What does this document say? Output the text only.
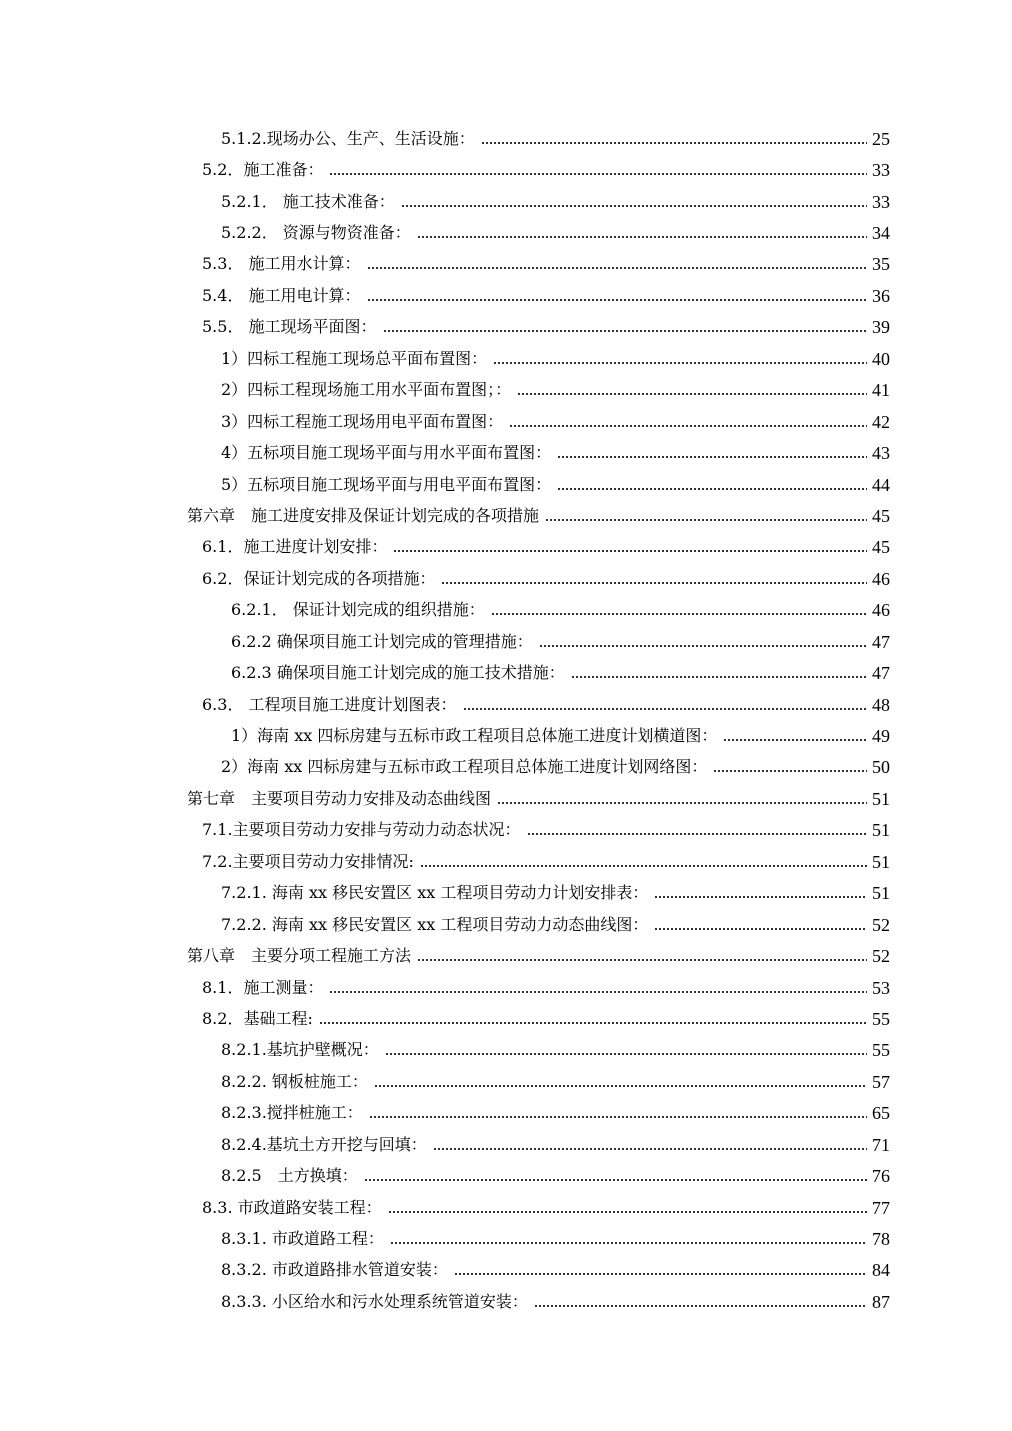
5.1.2.现场办公、生产、生活设施：	25
5.2．施工准备：	33
5.2.1． 施工技术准备：	33
5.2.2． 资源与物资准备：	34
5.3． 施工用水计算：	35
5.4． 施工用电计算：	36
5.5． 施工现场平面图：	39
1）四标工程施工现场总平面布置图：	40
2）四标工程现场施工用水平面布置图；：	41
3）四标工程施工现场用电平面布置图：	42
4）五标项目施工现场平面与用水平面布置图：	43
5）五标项目施工现场平面与用电平面布置图：	44
第六章　施工进度安排及保证计划完成的各项措施	45
6.1．施工进度计划安排：	45
6.2．保证计划完成的各项措施：	46
6.2.1． 保证计划完成的组织措施：	46
6.2.2 确保项目施工计划完成的管理措施：	47
6.2.3 确保项目施工计划完成的施工技术措施：	47
6.3． 工程项目施工进度计划图表：	48
1）海南 xx 四标房建与五标市政工程项目总体施工进度计划横道图：	49
2）海南 xx 四标房建与五标市政工程项目总体施工进度计划网络图：	50
第七章　主要项目劳动力安排及动态曲线图	51
7.1.主要项目劳动力安排与劳动力动态状况：	51
7.2.主要项目劳动力安排情况:	51
7.2.1. 海南 xx 移民安置区 xx 工程项目劳动力计划安排表：	51
7.2.2. 海南 xx 移民安置区 xx 工程项目劳动力动态曲线图：	52
第八章　主要分项工程施工方法	52
8.1．施工测量：	53
8.2．基础工程:	55
8.2.1.基坑护壁概况：	55
8.2.2. 钢板桩施工：	57
8.2.3.搅拌桩施工：	65
8.2.4.基坑土方开挖与回填：	71
8.2.5　土方换填：	76
8.3. 市政道路安装工程：	77
8.3.1. 市政道路工程：	78
8.3.2. 市政道路排水管道安装：	84
8.3.3. 小区给水和污水处理系统管道安装：	87
